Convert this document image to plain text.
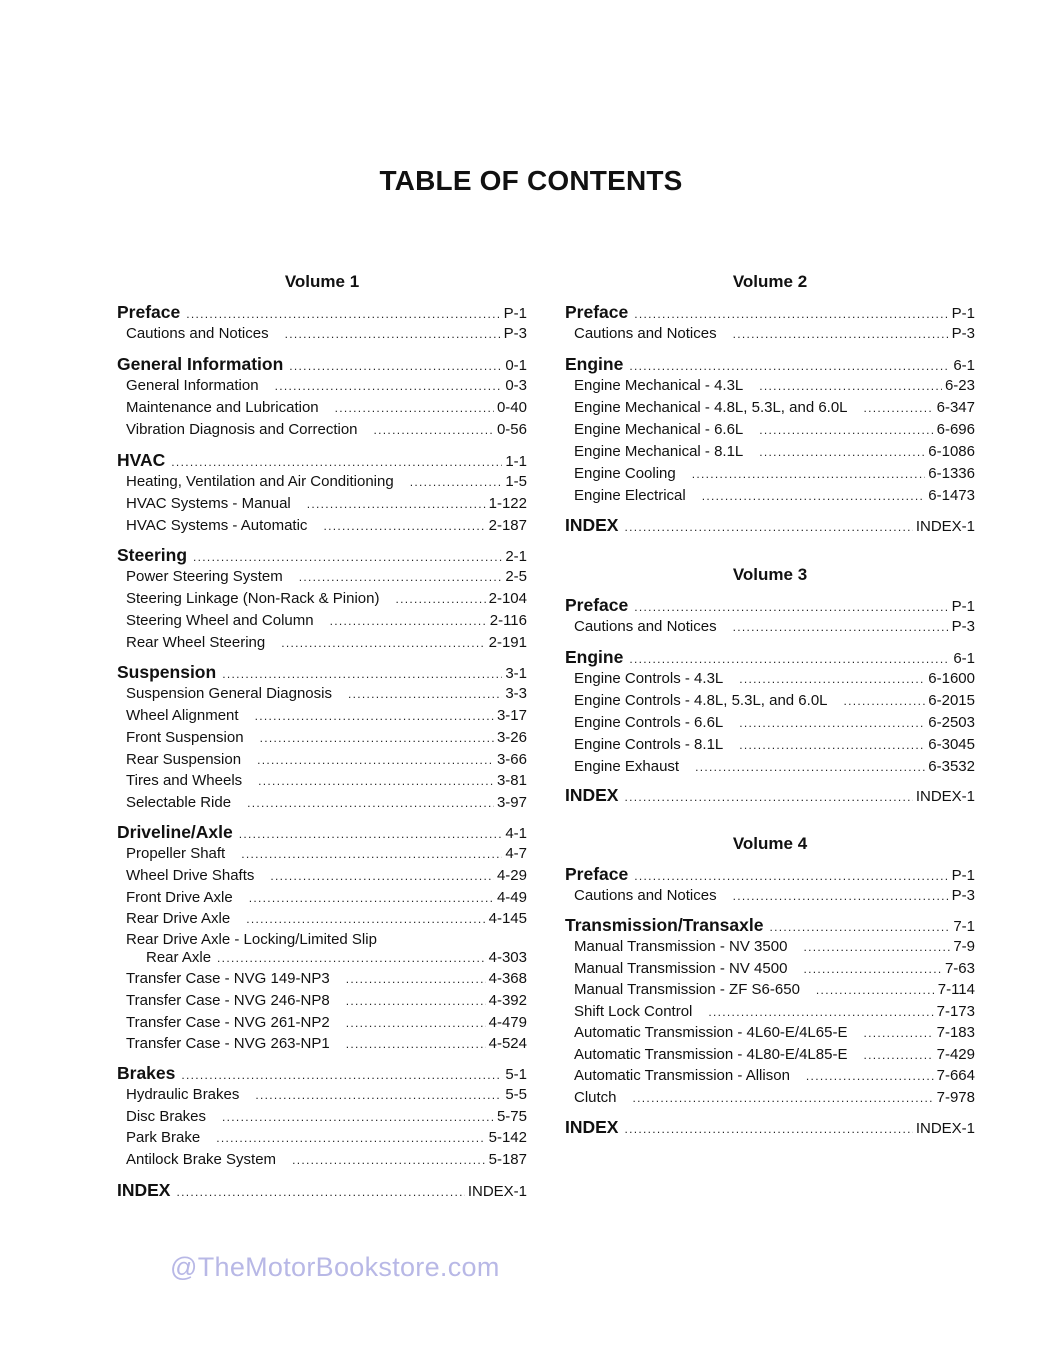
TABLE OF CONTENTS
Volume 1
Preface .....	P-1
Cautions and Notices .....	P-3
General Information .....	0-1
General Information .....	0-3
Maintenance and Lubrication .....	0-40
Vibration Diagnosis and Correction .....	0-56
HVAC .....	1-1
Heating, Ventilation and Air Conditioning .....	1-5
HVAC Systems - Manual .....	1-122
HVAC Systems - Automatic .....	2-187
Steering .....	2-1
Power Steering System .....	2-5
Steering Linkage (Non-Rack & Pinion) .....	2-104
Steering Wheel and Column .....	2-116
Rear Wheel Steering .....	2-191
Suspension .....	3-1
Suspension General Diagnosis .....	3-3
Wheel Alignment .....	3-17
Front Suspension .....	3-26
Rear Suspension .....	3-66
Tires and Wheels .....	3-81
Selectable Ride .....	3-97
Driveline/Axle .....	4-1
Propeller Shaft .....	4-7
Wheel Drive Shafts .....	4-29
Front Drive Axle .....	4-49
Rear Drive Axle .....	4-145
Rear Drive Axle - Locking/Limited Slip
Rear Axle .....	4-303
Transfer Case - NVG 149-NP3 .....	4-368
Transfer Case - NVG 246-NP8 .....	4-392
Transfer Case - NVG 261-NP2 .....	4-479
Transfer Case - NVG 263-NP1 .....	4-524
Brakes .....	5-1
Hydraulic Brakes .....	5-5
Disc Brakes .....	5-75
Park Brake .....	5-142
Antilock Brake System .....	5-187
INDEX .....	INDEX-1
Volume 2
Preface .....	P-1
Cautions and Notices .....	P-3
Engine .....	6-1
Engine Mechanical - 4.3L .....	6-23
Engine Mechanical - 4.8L, 5.3L, and 6.0L .....	6-347
Engine Mechanical - 6.6L .....	6-696
Engine Mechanical - 8.1L .....	6-1086
Engine Cooling .....	6-1336
Engine Electrical .....	6-1473
INDEX .....	INDEX-1
Volume 3
Preface .....	P-1
Cautions and Notices .....	P-3
Engine .....	6-1
Engine Controls - 4.3L .....	6-1600
Engine Controls - 4.8L, 5.3L, and 6.0L .....	6-2015
Engine Controls - 6.6L .....	6-2503
Engine Controls - 8.1L .....	6-3045
Engine Exhaust .....	6-3532
INDEX .....	INDEX-1
Volume 4
Preface .....	P-1
Cautions and Notices .....	P-3
Transmission/Transaxle .....	7-1
Manual Transmission - NV 3500 .....	7-9
Manual Transmission - NV 4500 .....	7-63
Manual Transmission - ZF S6-650 .....	7-114
Shift Lock Control .....	7-173
Automatic Transmission - 4L60-E/4L65-E .....	7-183
Automatic Transmission - 4L80-E/4L85-E .....	7-429
Automatic Transmission - Allison .....	7-664
Clutch .....	7-978
INDEX .....	INDEX-1
@TheMotorBookstore.com
